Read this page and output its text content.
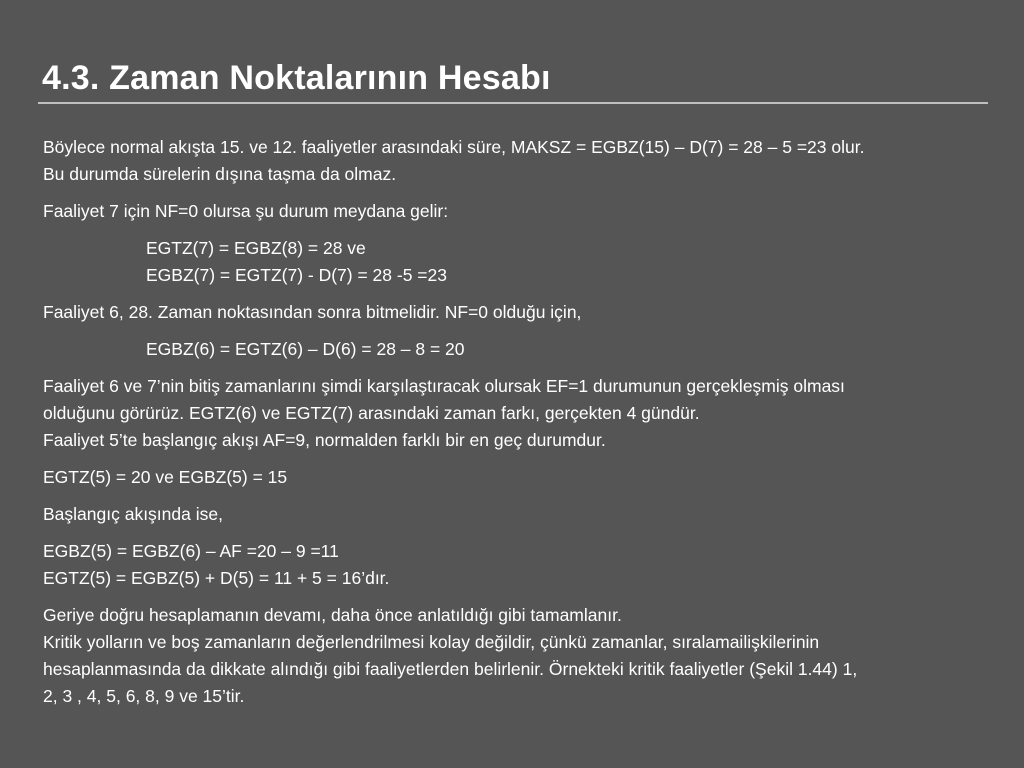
4.3. Zaman Noktalarının Hesabı

Böylece normal akışta 15. ve 12. faaliyetler arasındaki süre, MAKSZ = EGBZ(15) – D(7) = 28 – 5 =23 olur.
Bu durumda sürelerin dışına taşma da olmaz.

Faaliyet 7 için NF=0 olursa şu durum meydana gelir:

EGTZ(7) = EGBZ(8) = 28 ve
EGBZ(7) = EGTZ(7) - D(7) = 28 -5 =23

Faaliyet 6, 28. Zaman noktasından sonra bitmelidir. NF=0 olduğu için,

EGBZ(6) = EGTZ(6) – D(6) = 28 – 8 = 20

Faaliyet 6 ve 7’nin bitiş zamanlarını şimdi karşılaştıracak olursak EF=1 durumunun gerçekleşmiş olması
olduğunu görürüz. EGTZ(6) ve EGTZ(7) arasındaki zaman farkı, gerçekten 4 gündür.
Faaliyet 5’te başlangıç akışı AF=9, normalden farklı bir en geç durumdur.

EGTZ(5) = 20 ve EGBZ(5) = 15

Başlangıç akışında ise,

EGBZ(5) = EGBZ(6) – AF =20 – 9 =11
EGTZ(5) = EGBZ(5) + D(5) = 11 + 5 = 16’dır.

Geriye doğru hesaplamanın devamı, daha önce anlatıldığı gibi tamamlanır.
Kritik yolların ve boş zamanların değerlendrilmesi kolay değildir, çünkü zamanlar, sıralamailişkilerinin
hesaplanmasında da dikkate alındığı gibi faaliyetlerden belirlenir. Örnekteki kritik faaliyetler (Şekil 1.44) 1,
2, 3 , 4, 5, 6, 8, 9 ve 15’tir.
